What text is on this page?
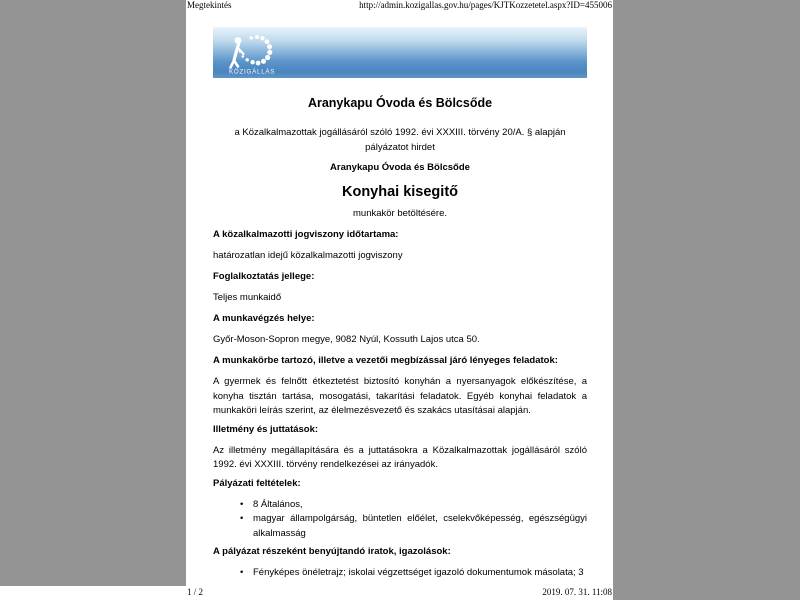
Megtekintés	http://admin.kozigallas.gov.hu/pages/KJTKozzetetel.aspx?ID=455006
KÖZIGÁLLÁS
Aranykapu Óvoda és Bölcsőde
a Közalkalmazottak jogállásáról szóló 1992. évi XXXIII. törvény 20/A. § alapján pályázatot hirdet
Aranykapu Óvoda és Bölcsőde
Konyhai kisegitő
munkakör betöltésére.
A közalkalmazotti jogviszony időtartama:
határozatlan idejű közalkalmazotti jogviszony
Foglalkoztatás jellege:
Teljes munkaidő
A munkavégzés helye:
Győr-Moson-Sopron megye, 9082 Nyúl, Kossuth Lajos utca 50.
A munkakörbe tartozó, illetve a vezetői megbízással járó lényeges feladatok:
A gyermek és felnőtt étkeztetést biztosító konyhán a nyersanyagok előkészítése, a konyha tisztán tartása, mosogatási, takarítási feladatok. Egyéb konyhai feladatok a munkaköri leírás szerint, az élelmezésvezető és szakács utasításai alapján.
Illetmény és juttatások:
Az illetmény megállapítására és a juttatásokra a Közalkalmazottak jogállásáról szóló 1992. évi XXXIII. törvény rendelkezései az irányadók.
Pályázati feltételek:
• 8 Általános,
• magyar állampolgárság, büntetlen előélet, cselekvőképesség, egészségügyi alkalmasság
A pályázat részeként benyújtandó iratok, igazolások:
• Fényképes önéletrajz; iskolai végzettséget igazoló dokumentumok másolata; 3
1 / 2	2019. 07. 31. 11:08
